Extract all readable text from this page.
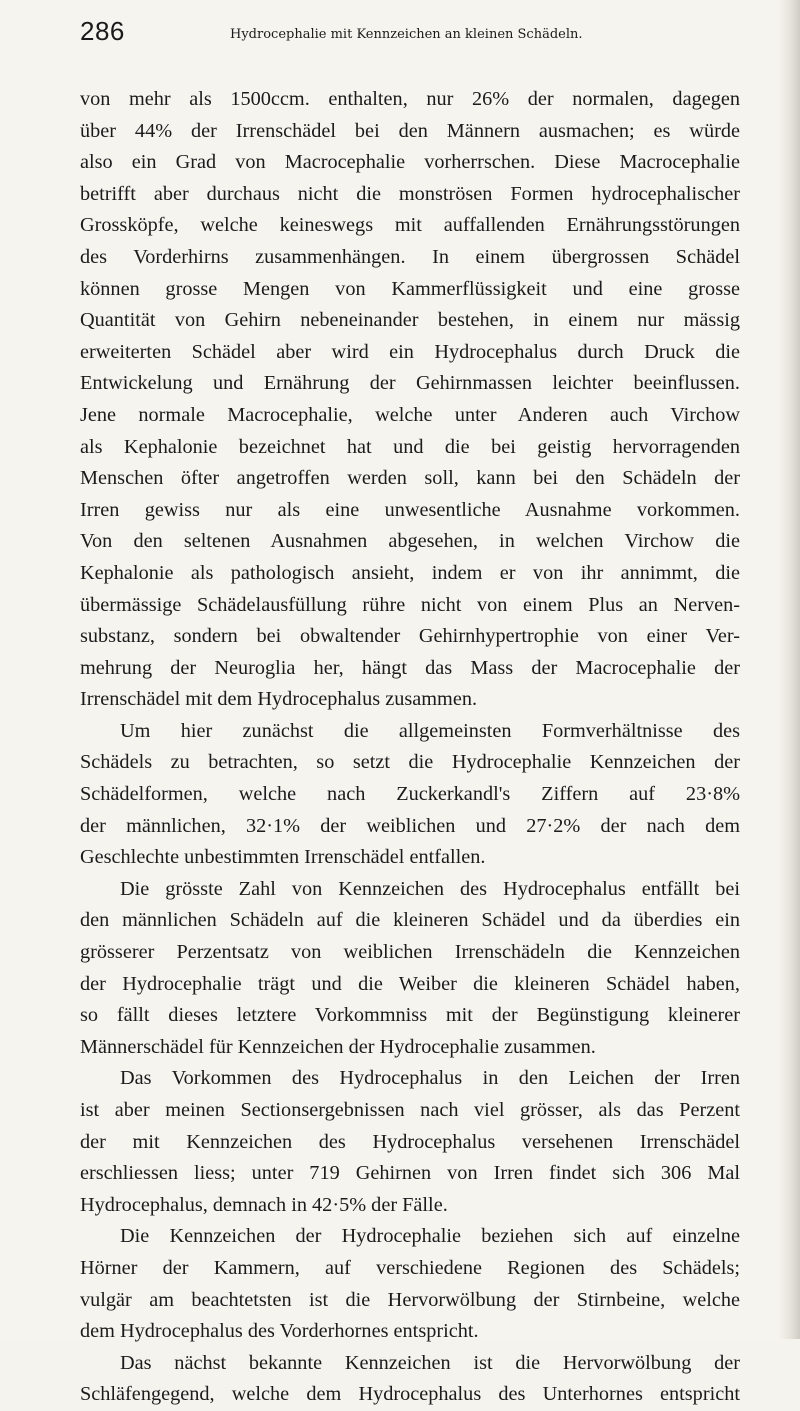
286	Hydrocephalie mit Kennzeichen an kleinen Schädeln.
von mehr als 1500ccm. enthalten, nur 26% der normalen, dagegen
über 44% der Irrenschädel bei den Männern ausmachen; es würde
also ein Grad von Macrocephalie vorherrschen. Diese Macrocephalie
betrifft aber durchaus nicht die monströsen Formen hydrocephalischer
Grossköpfe, welche keineswegs mit auffallenden Ernährungsstörungen
des Vorderhirns zusammenhängen. In einem übergrossen Schädel
können grosse Mengen von Kammerflüssigkeit und eine grosse
Quantität von Gehirn nebeneinander bestehen, in einem nur mässig
erweiterten Schädel aber wird ein Hydrocephalus durch Druck die
Entwickelung und Ernährung der Gehirnmassen leichter beeinflussen.
Jene normale Macrocephalie, welche unter Anderen auch Virchow
als Kephalonie bezeichnet hat und die bei geistig hervorragenden
Menschen öfter angetroffen werden soll, kann bei den Schädeln der
Irren gewiss nur als eine unwesentliche Ausnahme vorkommen.
Von den seltenen Ausnahmen abgesehen, in welchen Virchow die
Kephalonie als pathologisch ansieht, indem er von ihr annimmt, die
übermässige Schädelausfüllung rühre nicht von einem Plus an Nerven-
substanz, sondern bei obwaltender Gehirnhypertrophie von einer Ver-
mehrung der Neuroglia her, hängt das Mass der Macrocephalie der
Irrenschädel mit dem Hydrocephalus zusammen.
Um hier zunächst die allgemeinsten Formverhältnisse des
Schädels zu betrachten, so setzt die Hydrocephalie Kennzeichen der
Schädelformen, welche nach Zuckerkandl's Ziffern auf 23·8%
der männlichen, 32·1% der weiblichen und 27·2% der nach dem
Geschlechte unbestimmten Irrenschädel entfallen.
Die grösste Zahl von Kennzeichen des Hydrocephalus entfällt bei
den männlichen Schädeln auf die kleineren Schädel und da überdies ein
grösserer Perzentsatz von weiblichen Irrenschädeln die Kennzeichen
der Hydrocephalie trägt und die Weiber die kleineren Schädel haben,
so fällt dieses letztere Vorkommniss mit der Begünstigung kleinerer
Männerschädel für Kennzeichen der Hydrocephalie zusammen.
Das Vorkommen des Hydrocephalus in den Leichen der Irren
ist aber meinen Sectionsergebnissen nach viel grösser, als das Perzent
der mit Kennzeichen des Hydrocephalus versehenen Irrenschädel
erschliessen liess; unter 719 Gehirnen von Irren findet sich 306 Mal
Hydrocephalus, demnach in 42·5% der Fälle.
Die Kennzeichen der Hydrocephalie beziehen sich auf einzelne
Hörner der Kammern, auf verschiedene Regionen des Schädels;
vulgär am beachtetsten ist die Hervorwölbung der Stirnbeine, welche
dem Hydrocephalus des Vorderhornes entspricht.
Das nächst bekannte Kennzeichen ist die Hervorwölbung der
Schläfengegend, welche dem Hydrocephalus des Unterhornes entspricht
